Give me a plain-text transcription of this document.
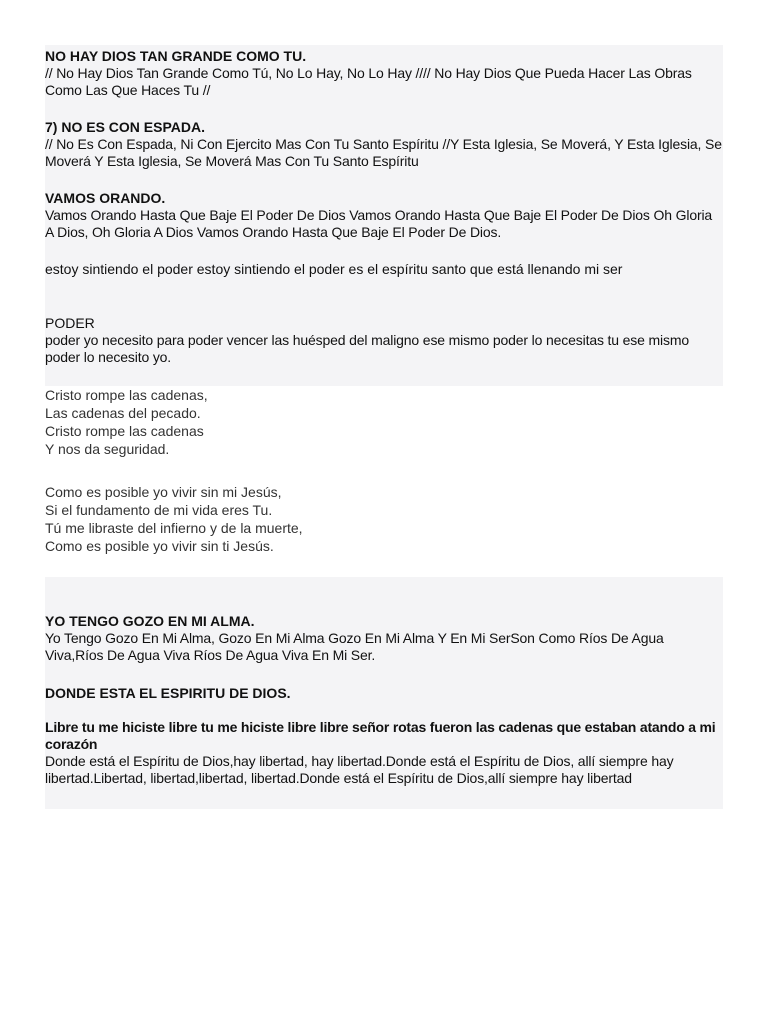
NO HAY DIOS TAN GRANDE COMO TU.
// No Hay Dios Tan Grande Como Tú, No Lo Hay, No Lo Hay //// No Hay Dios Que Pueda Hacer Las Obras Como Las Que Haces Tu //
7) NO ES CON ESPADA.
// No Es Con Espada, Ni Con Ejercito Mas Con Tu Santo Espíritu //Y Esta Iglesia, Se Moverá, Y Esta Iglesia, Se Moverá Y Esta Iglesia, Se Moverá Mas Con Tu Santo Espíritu
VAMOS ORANDO.
Vamos Orando Hasta Que Baje El Poder De Dios Vamos Orando Hasta Que Baje El Poder De Dios Oh Gloria A Dios, Oh Gloria A Dios Vamos Orando Hasta Que Baje El Poder De Dios.
estoy sintiendo el poder estoy sintiendo el poder es el espíritu santo que está llenando mi ser
PODER
poder yo necesito para poder vencer las huésped del maligno ese mismo poder lo necesitas tu ese mismo poder lo necesito yo.
Cristo rompe las cadenas,
Las cadenas del pecado.
Cristo rompe las cadenas
Y nos da seguridad.
Como es posible yo vivir sin mi Jesús,
Si el fundamento de mi vida eres Tu.
Tú me libraste del infierno y de la muerte,
Como es posible yo vivir sin ti Jesús.
YO TENGO GOZO EN MI ALMA.
Yo Tengo Gozo En Mi Alma, Gozo En Mi Alma Gozo En Mi Alma Y En Mi SerSon Como Ríos De Agua Viva,Ríos De Agua Viva Ríos De Agua Viva En Mi Ser.
DONDE ESTA EL ESPIRITU DE DIOS.
Libre tu me hiciste libre tu me hiciste libre libre señor rotas fueron las cadenas que estaban atando a mi corazón
Donde está el Espíritu de Dios,hay libertad, hay libertad.Donde está el Espíritu de Dios, allí siempre hay libertad.Libertad, libertad,libertad, libertad.Donde está el Espíritu de Dios,allí siempre hay libertad
